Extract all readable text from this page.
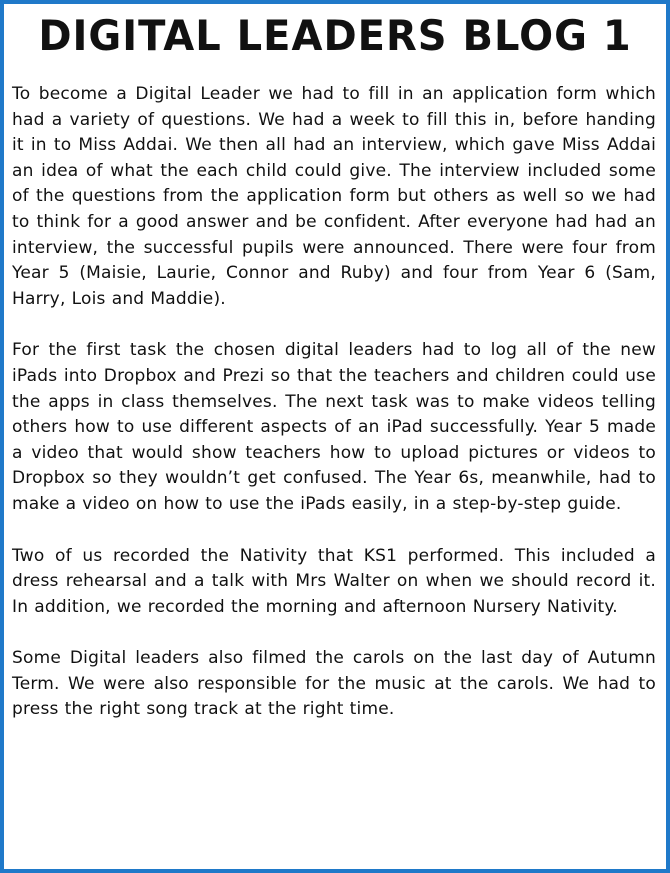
DIGITAL LEADERS BLOG 1

To become a Digital Leader we had to fill in an application form which had a variety of questions. We had a week to fill this in, before handing it in to Miss Addai. We then all had an interview, which gave Miss Addai an idea of what the each child could give. The interview included some of the questions from the application form but others as well so we had to think for a good answer and be confident. After everyone had had an interview, the successful pupils were announced. There were four from Year 5 (Maisie, Laurie, Connor and Ruby) and four from Year 6 (Sam, Harry, Lois and Maddie).

For the first task the chosen digital leaders had to log all of the new iPads into Dropbox and Prezi so that the teachers and children could use the apps in class themselves. The next task was to make videos telling others how to use different aspects of an iPad successfully. Year 5 made a video that would show teachers how to upload pictures or videos to Dropbox so they wouldn’t get confused. The Year 6s, meanwhile, had to make a video on how to use the iPads easily, in a step-by-step guide.

Two of us recorded the Nativity that KS1 performed. This included a dress rehearsal and a talk with Mrs Walter on when we should record it. In addition, we recorded the morning and afternoon Nursery Nativity.

Some Digital leaders also filmed the carols on the last day of Autumn Term. We were also responsible for the music at the carols. We had to press the right song track at the right time.
